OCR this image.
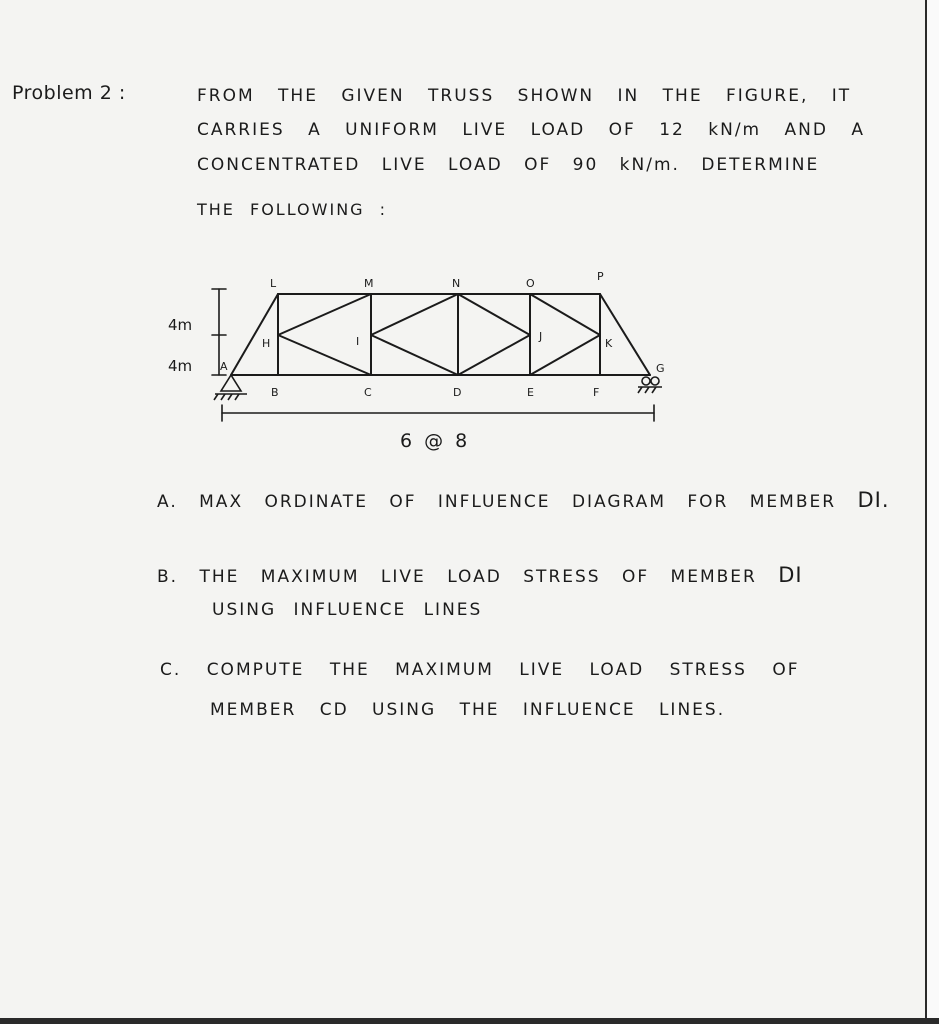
Problem 2 :	FROM THE GIVEN TRUSS SHOWN IN THE FIGURE, IT
CARRIES A UNIFORM LIVE LOAD OF 12 kN/m AND A
CONCENTRATED LIVE LOAD OF 90 kN/m. DETERMINE
THE FOLLOWING :
L	M	N	O
P
B	C	D	E	F
H	I	J
K
A	G
4m
4m
6 @ 8
A. MAX ORDINATE OF INFLUENCE DIAGRAM FOR MEMBER DI.
B. THE MAXIMUM LIVE LOAD STRESS OF MEMBER DI
USING INFLUENCE LINES
C. COMPUTE THE MAXIMUM LIVE LOAD STRESS OF
MEMBER CD USING THE INFLUENCE LINES.
